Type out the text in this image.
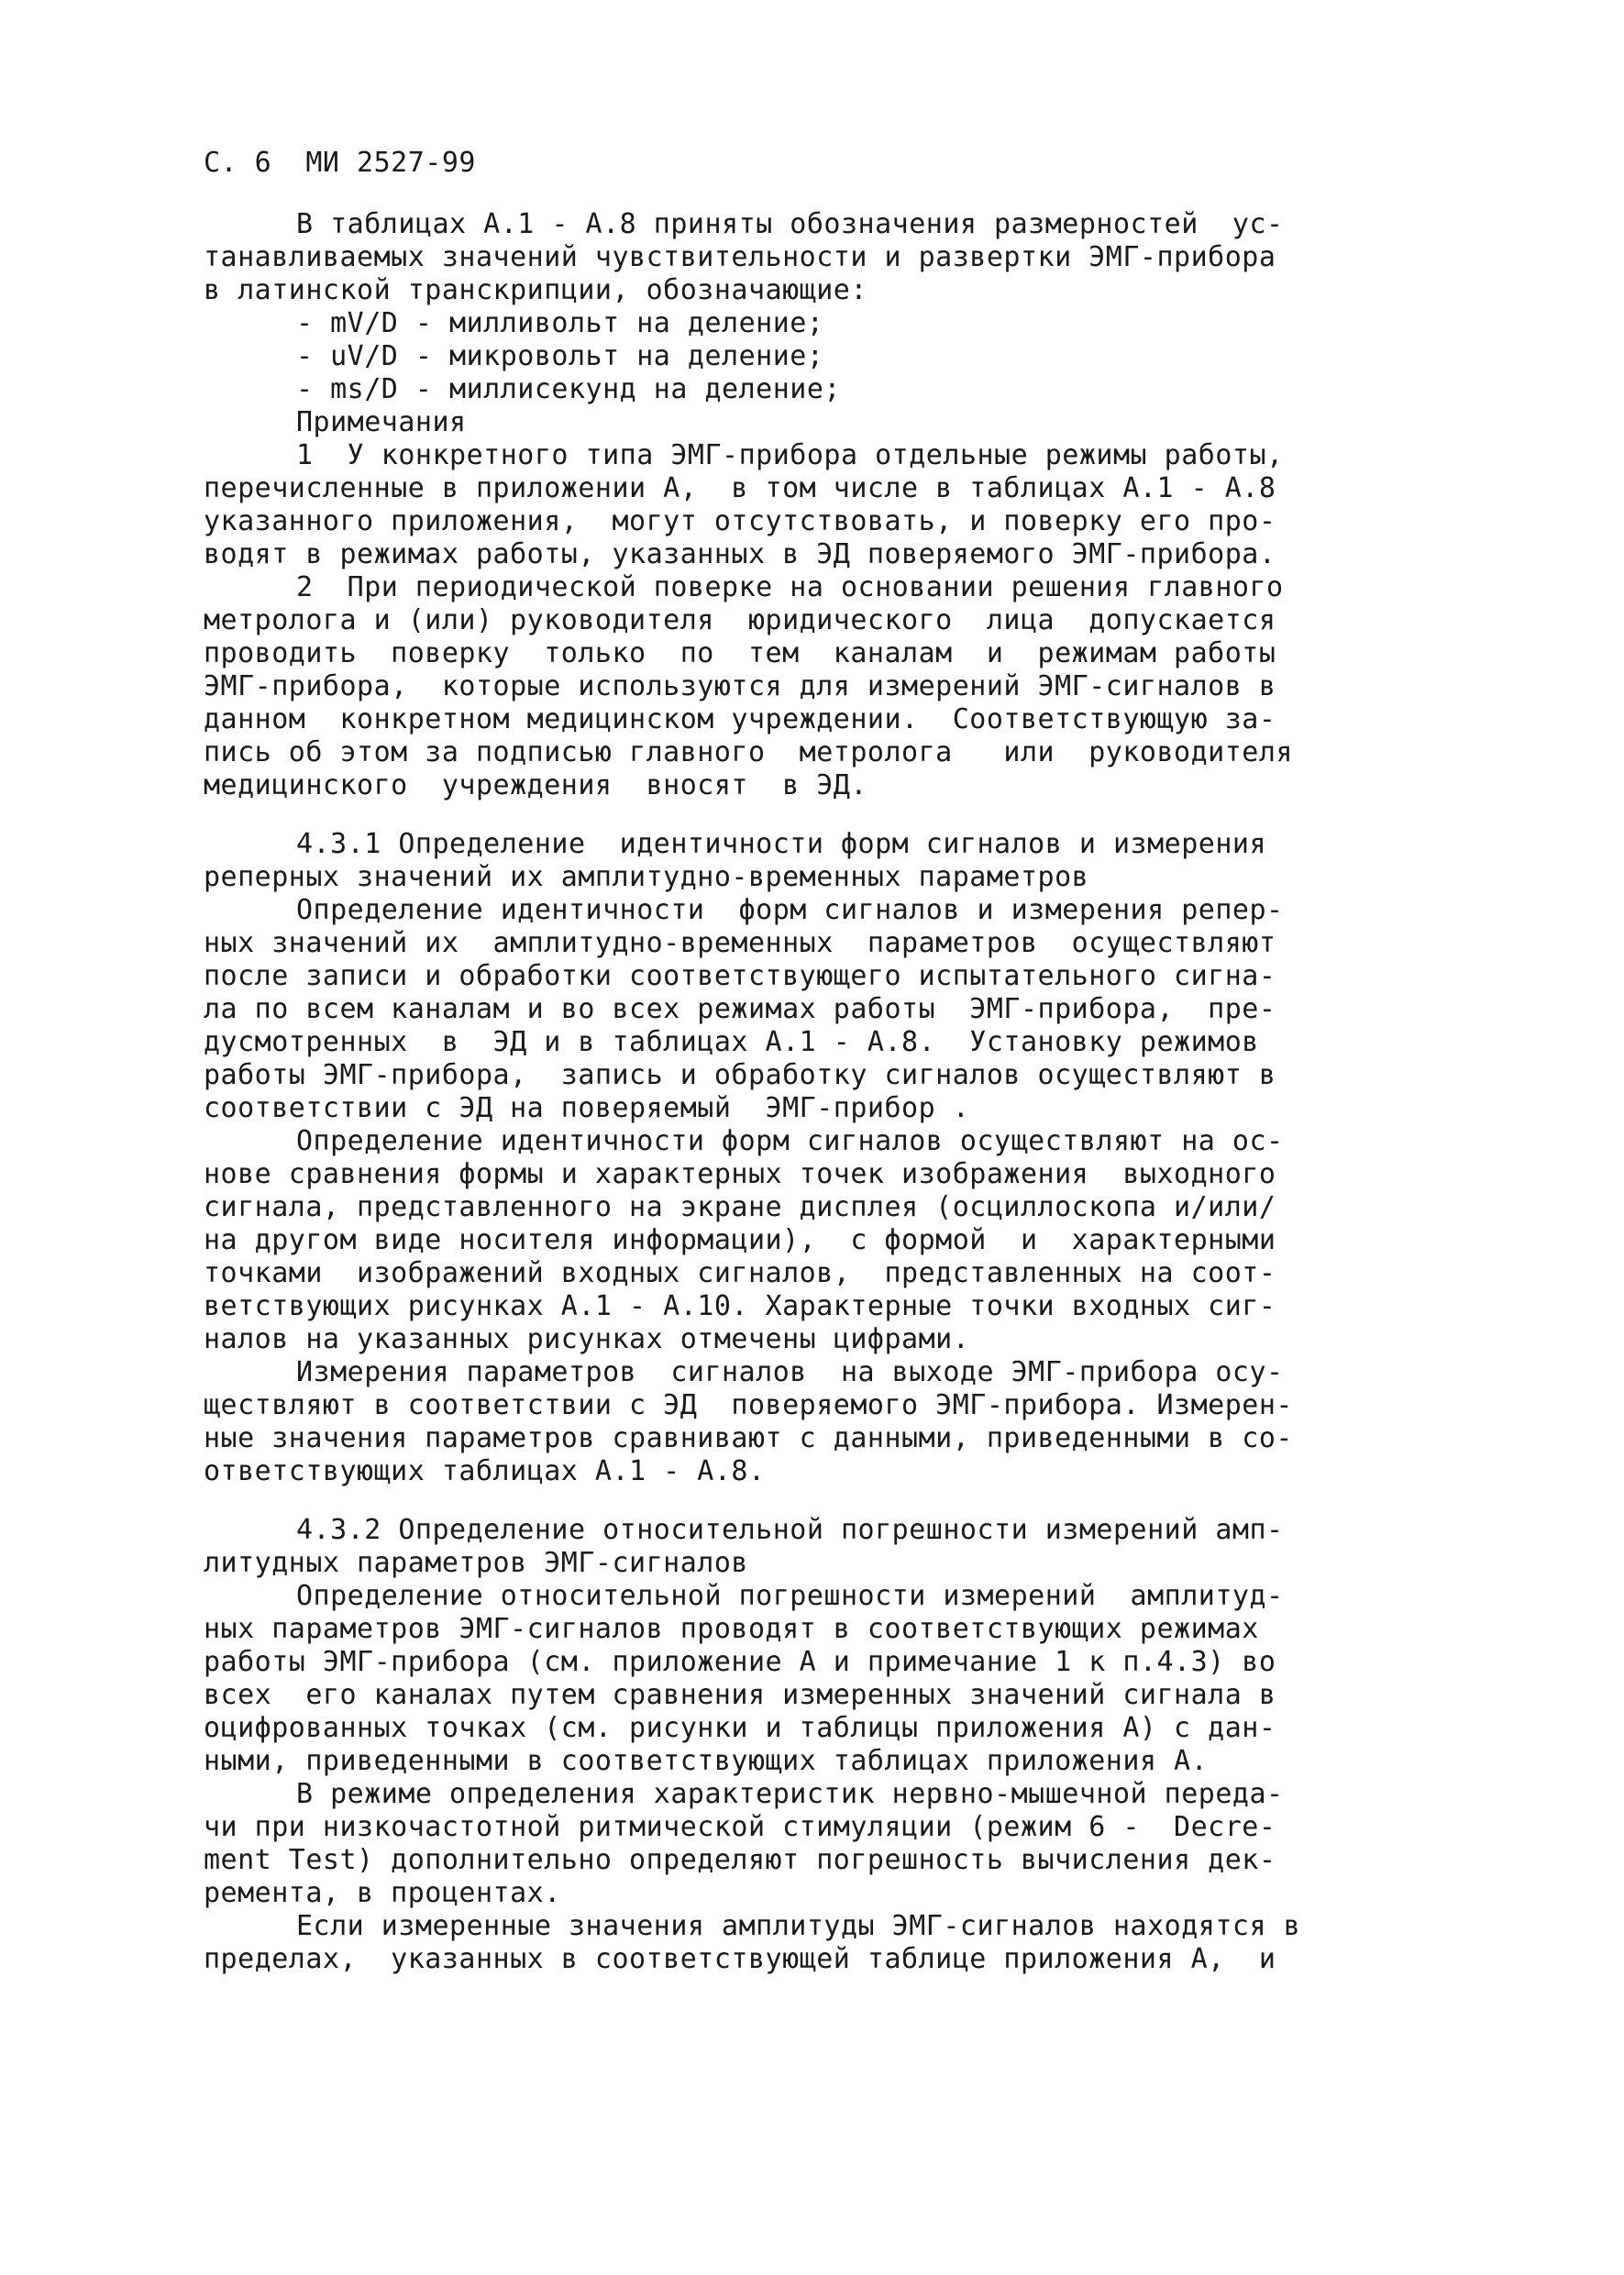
С. 6  МИ 2527-99
В таблицах А.1 - А.8 приняты обозначения размерностей  ус-
танавливаемых значений чувствительности и развертки ЭМГ-прибора
в латинской транскрипции, обозначающие:
- mV/D - милливольт на деление;
- uV/D - микровольт на деление;
- ms/D - миллисекунд на деление;
Примечания
1  У конкретного типа ЭМГ-прибора отдельные режимы работы,
перечисленные в приложении А,  в том числе в таблицах А.1 - А.8
указанного приложения,  могут отсутствовать, и поверку его про-
водят в режимах работы, указанных в ЭД поверяемого ЭМГ-прибора.
2  При периодической поверке на основании решения главного
метролога и (или) руководителя  юридического  лица  допускается
проводить  поверку  только  по  тем  каналам  и  режимам работы
ЭМГ-прибора,  которые используются для измерений ЭМГ-сигналов в
данном  конкретном медицинском учреждении.  Соответствующую за-
пись об этом за подписью главного  метролога   или  руководителя
медицинского  учреждения  вносят  в ЭД.
4.3.1 Определение  идентичности форм сигналов и измерения
реперных значений их амплитудно-временных параметров
Определение идентичности  форм сигналов и измерения репер-
ных значений их  амплитудно-временных  параметров  осуществляют
после записи и обработки соответствующего испытательного сигна-
ла по всем каналам и во всех режимах работы  ЭМГ-прибора,  пре-
дусмотренных  в  ЭД и в таблицах А.1 - А.8.  Установку режимов
работы ЭМГ-прибора,  запись и обработку сигналов осуществляют в
соответствии с ЭД на поверяемый  ЭМГ-прибор .
Определение идентичности форм сигналов осуществляют на ос-
нове сравнения формы и характерных точек изображения  выходного
сигнала, представленного на экране дисплея (осциллоскопа и/или/
на другом виде носителя информации),  с формой  и  характерными
точками  изображений входных сигналов,  представленных на соот-
ветствующих рисунках А.1 - А.10. Характерные точки входных сиг-
налов на указанных рисунках отмечены цифрами.
Измерения параметров  сигналов  на выходе ЭМГ-прибора осу-
ществляют в соответствии с ЭД  поверяемого ЭМГ-прибора. Измерен-
ные значения параметров сравнивают с данными, приведенными в со-
ответствующих таблицах А.1 - А.8.
4.3.2 Определение относительной погрешности измерений амп-
литудных параметров ЭМГ-сигналов
Определение относительной погрешности измерений  амплитуд-
ных параметров ЭМГ-сигналов проводят в соответствующих режимах
работы ЭМГ-прибора (см. приложение А и примечание 1 к п.4.3) во
всех  его каналах путем сравнения измеренных значений сигнала в
оцифрованных точках (см. рисунки и таблицы приложения А) с дан-
ными, приведенными в соответствующих таблицах приложения А.
В режиме определения характеристик нервно-мышечной переда-
чи при низкочастотной ритмической стимуляции (режим 6 -  Decre-
ment Test) дополнительно определяют погрешность вычисления дек-
ремента, в процентах.
Если измеренные значения амплитуды ЭМГ-сигналов находятся в
пределах,  указанных в соответствующей таблице приложения А,  и
